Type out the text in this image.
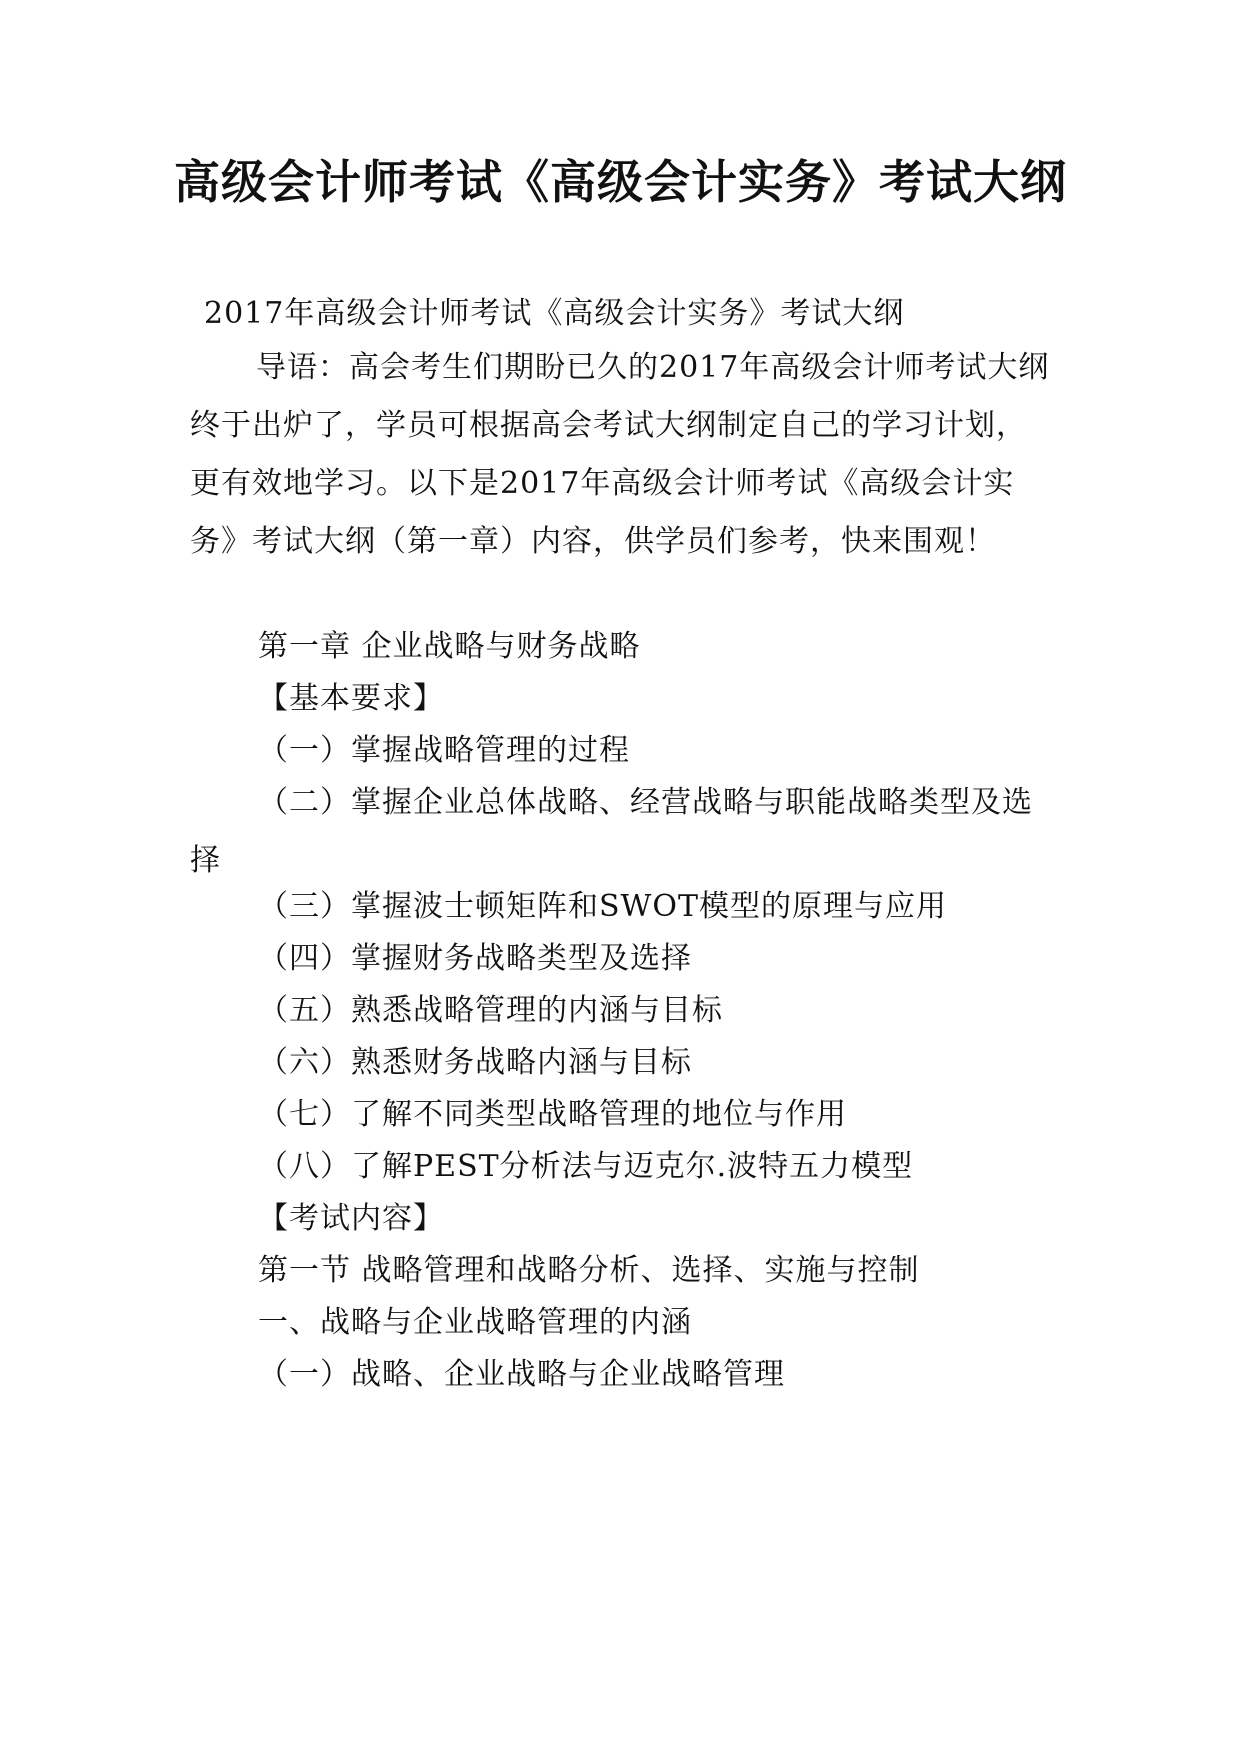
高级会计师考试《高级会计实务》考试大纲
2017年高级会计师考试《高级会计实务》考试大纲
导语：高会考生们期盼已久的2017年高级会计师考试大纲终于出炉了，学员可根据高会考试大纲制定自己的学习计划，更有效地学习。以下是2017年高级会计师考试《高级会计实务》考试大纲（第一章）内容，供学员们参考，快来围观！
第一章 企业战略与财务战略
【基本要求】
（一）掌握战略管理的过程
（二）掌握企业总体战略、经营战略与职能战略类型及选择
（三）掌握波士顿矩阵和SWOT模型的原理与应用
（四）掌握财务战略类型及选择
（五）熟悉战略管理的内涵与目标
（六）熟悉财务战略内涵与目标
（七）了解不同类型战略管理的地位与作用
（八）了解PEST分析法与迈克尔.波特五力模型
【考试内容】
第一节 战略管理和战略分析、选择、实施与控制
一、战略与企业战略管理的内涵
（一）战略、企业战略与企业战略管理
